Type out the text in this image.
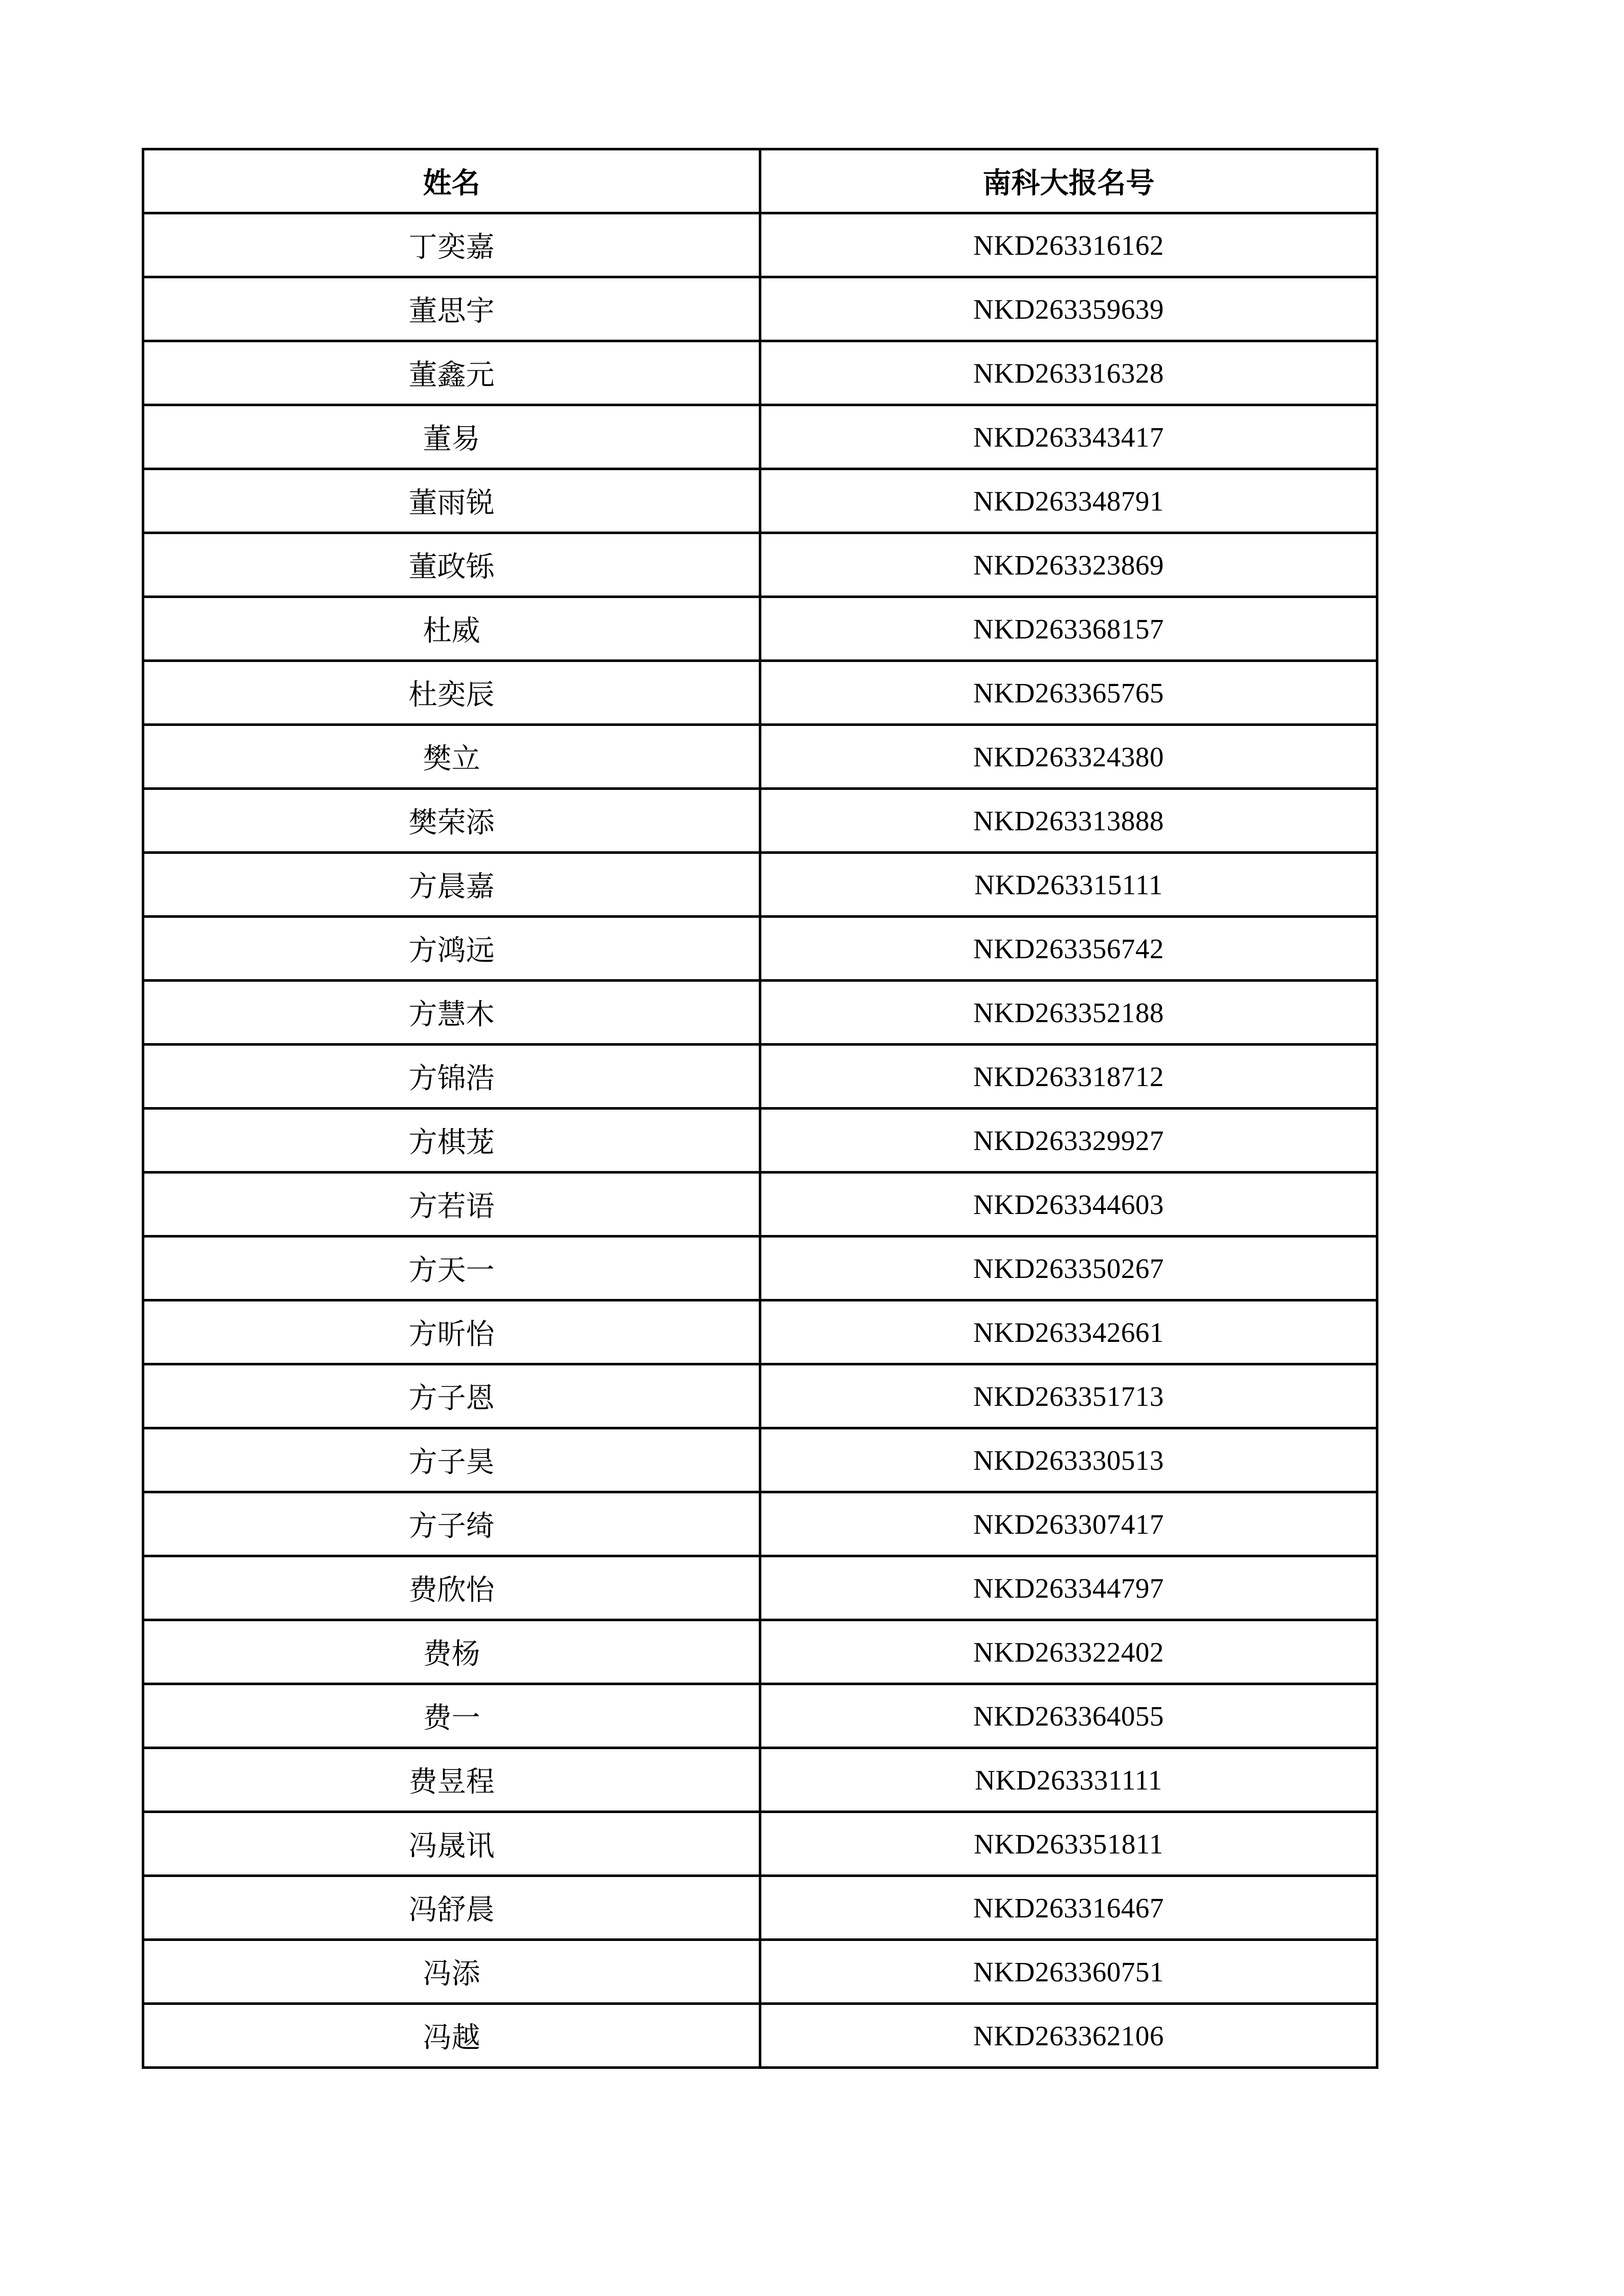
姓名	南科大报名号
丁奕嘉	NKD263316162
董思宇	NKD263359639
董鑫元	NKD263316328
董易	NKD263343417
董雨锐	NKD263348791
董政铄	NKD263323869
杜威	NKD263368157
杜奕辰	NKD263365765
樊立	NKD263324380
樊荣添	NKD263313888
方晨嘉	NKD263315111
方鸿远	NKD263356742
方慧木	NKD263352188
方锦浩	NKD263318712
方棋茏	NKD263329927
方若语	NKD263344603
方天一	NKD263350267
方昕怡	NKD263342661
方子恩	NKD263351713
方子昊	NKD263330513
方子绮	NKD263307417
费欣怡	NKD263344797
费杨	NKD263322402
费一	NKD263364055
费昱程	NKD263331111
冯晟讯	NKD263351811
冯舒晨	NKD263316467
冯添	NKD263360751
冯越	NKD263362106
